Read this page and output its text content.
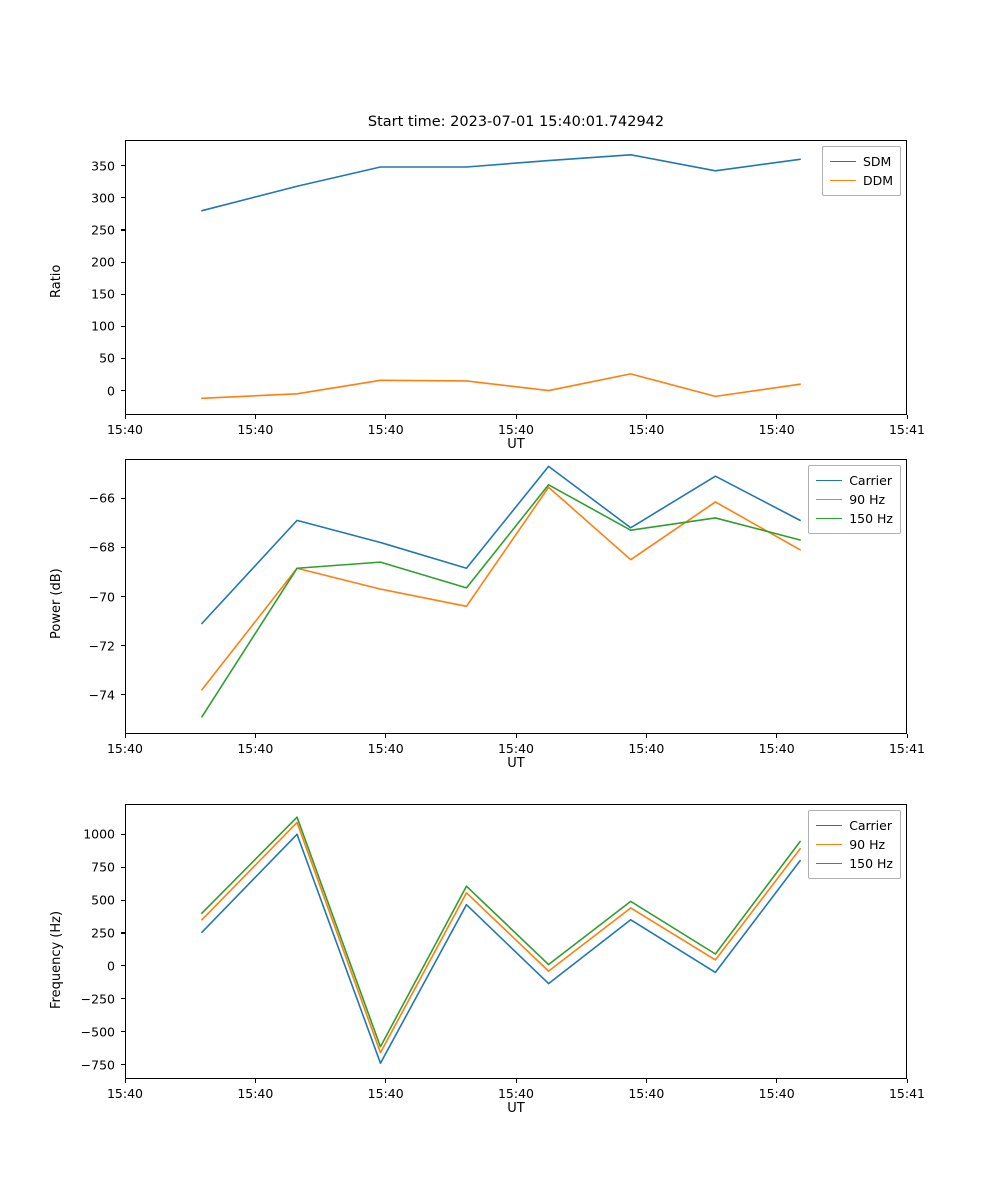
Start time: 2023-07-01 15:40:01.742942
UT
Ratio
SDM
DDM
15:40	15:40	15:40	15:40	15:40	15:40	15:41
0
50
100
150
200
250
300
350
UT
Power (dB)
Carrier
90 Hz
150 Hz
15:40	15:40	15:40	15:40	15:40	15:40	15:41
−74
−72
−70
−68
−66
UT
Frequency (Hz)
Carrier
90 Hz
150 Hz
15:40	15:40	15:40	15:40	15:40	15:40	15:41
−750
−500
−250
0
250
500
750
1000
